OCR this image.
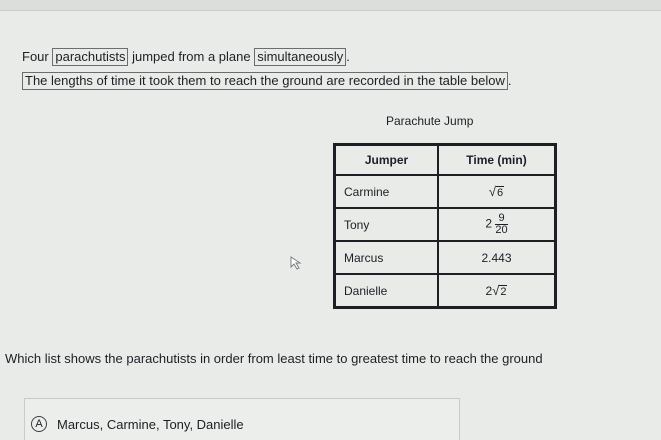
Four parachutists jumped from a plane simultaneously .
The lengths of time it took them to reach the ground are recorded in the table below .
Parachute Jump
Jumper	Time (min)
Carmine	√6
Tony	$2 \frac{9}{20}$

Marcus	2.443
Danielle	2√2
Which list shows the parachutists in order from least time to greatest time to reach the ground
A	Marcus, Carmine, Tony, Danielle
